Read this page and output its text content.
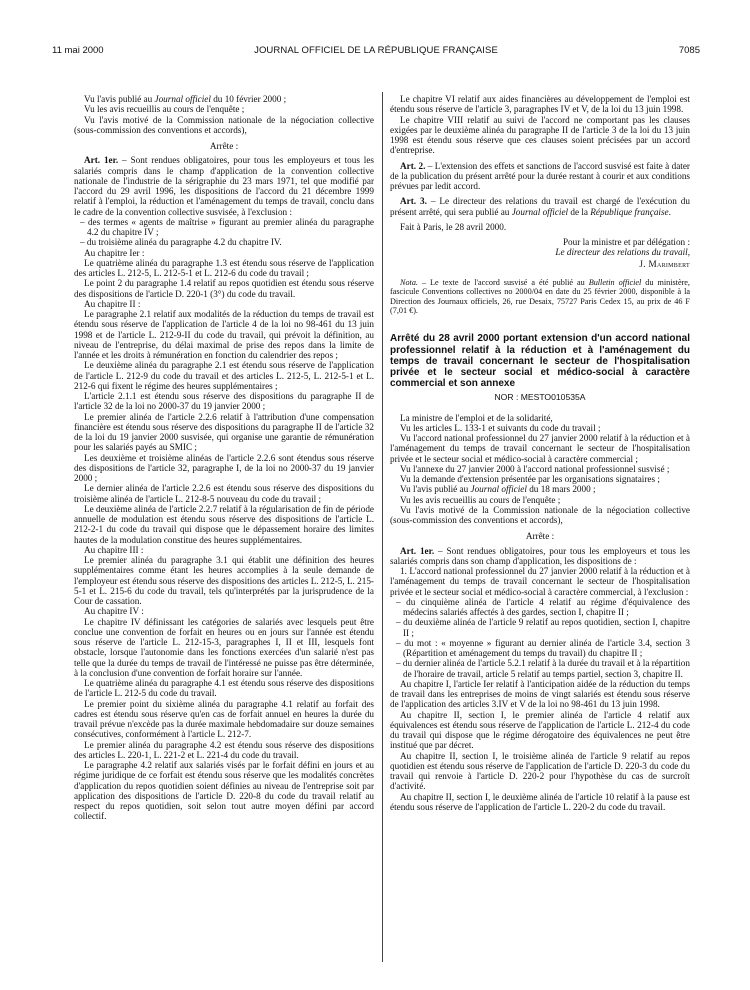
11 mai 2000	JOURNAL OFFICIEL DE LA RÉPUBLIQUE FRANÇAISE	7085

Vu l'avis publié au Journal officiel du 10 février 2000 ;

Vu les avis recueillis au cours de l'enquête ;

Vu l'avis motivé de la Commission nationale de la négociation collective (sous-commission des conventions et accords),

Arrête :

Art. 1er. – Sont rendues obligatoires, pour tous les employeurs et tous les salariés compris dans le champ d'application de la convention collective nationale de l'industrie de la sérigraphie du 23 mars 1971, tel que modifié par l'accord du 29 avril 1996, les dispositions de l'accord du 21 décembre 1999 relatif à l'emploi, la réduction et l'aménagement du temps de travail, conclu dans le cadre de la convention collective susvisée, à l'exclusion :

– des termes « agents de maîtrise » figurant au premier alinéa du paragraphe 4.2 du chapitre IV ;
– du troisième alinéa du paragraphe 4.2 du chapitre IV.

Au chapitre Ier :

Le quatrième alinéa du paragraphe 1.3 est étendu sous réserve de l'application des articles L. 212-5, L. 212-5-1 et L. 212-6 du code du travail ;

Le point 2 du paragraphe 1.4 relatif au repos quotidien est étendu sous réserve des dispositions de l'article D. 220-1 (3°) du code du travail.

Au chapitre II :

Le paragraphe 2.1 relatif aux modalités de la réduction du temps de travail est étendu sous réserve de l'application de l'article 4 de la loi no 98-461 du 13 juin 1998 et de l'article L. 212-9-II du code du travail, qui prévoit la définition, au niveau de l'entreprise, du délai maximal de prise des repos dans la limite de l'année et les droits à rémunération en fonction du calendrier des repos ;

Le deuxième alinéa du paragraphe 2.1 est étendu sous réserve de l'application de l'article L. 212-9 du code du travail et des articles L. 212-5, L. 212-5-1 et L. 212-6 qui fixent le régime des heures supplémentaires ;

L'article 2.1.1 est étendu sous réserve des dispositions du paragraphe II de l'article 32 de la loi no 2000-37 du 19 janvier 2000 ;

Le premier alinéa de l'article 2.2.6 relatif à l'attribution d'une compensation financière est étendu sous réserve des dispositions du paragraphe II de l'article 32 de la loi du 19 janvier 2000 susvisée, qui organise une garantie de rémunération pour les salariés payés au SMIC ;

Les deuxième et troisième alinéas de l'article 2.2.6 sont étendus sous réserve des dispositions de l'article 32, paragraphe I, de la loi no 2000-37 du 19 janvier 2000 ;

Le dernier alinéa de l'article 2.2.6 est étendu sous réserve des dispositions du troisième alinéa de l'article L. 212-8-5 nouveau du code du travail ;

Le deuxième alinéa de l'article 2.2.7 relatif à la régularisation de fin de période annuelle de modulation est étendu sous réserve des dispositions de l'article L. 212-2-1 du code du travail qui dispose que le dépassement horaire des limites hautes de la modulation constitue des heures supplémentaires.

Au chapitre III :

Le premier alinéa du paragraphe 3.1 qui établit une définition des heures supplémentaires comme étant les heures accomplies à la seule demande de l'employeur est étendu sous réserve des dispositions des articles L. 212-5, L. 215-5-1 et L. 215-6 du code du travail, tels qu'interprétés par la jurisprudence de la Cour de cassation.

Au chapitre IV :

Le chapitre IV définissant les catégories de salariés avec lesquels peut être conclue une convention de forfait en heures ou en jours sur l'année est étendu sous réserve de l'article L. 212-15-3, paragraphes I, II et III, lesquels font obstacle, lorsque l'autonomie dans les fonctions exercées d'un salarié n'est pas telle que la durée du temps de travail de l'intéressé ne puisse pas être déterminée, à la conclusion d'une convention de forfait horaire sur l'année.

Le quatrième alinéa du paragraphe 4.1 est étendu sous réserve des dispositions de l'article L. 212-5 du code du travail.

Le premier point du sixième alinéa du paragraphe 4.1 relatif au forfait des cadres est étendu sous réserve qu'en cas de forfait annuel en heures la durée du travail prévue n'excède pas la durée maximale hebdomadaire sur douze semaines consécutives, conformément à l'article L. 212-7.

Le premier alinéa du paragraphe 4.2 est étendu sous réserve des dispositions des articles L. 220-1, L. 221-2 et L. 221-4 du code du travail.

Le paragraphe 4.2 relatif aux salariés visés par le forfait défini en jours et au régime juridique de ce forfait est étendu sous réserve que les modalités concrètes d'application du repos quotidien soient définies au niveau de l'entreprise soit par application des dispositions de l'article D. 220-8 du code du travail relatif au respect du repos quotidien, soit selon tout autre moyen défini par accord collectif.

Le chapitre VI relatif aux aides financières au développement de l'emploi est étendu sous réserve de l'article 3, paragraphes IV et V, de la loi du 13 juin 1998.

Le chapitre VIII relatif au suivi de l'accord ne comportant pas les clauses exigées par le deuxième alinéa du paragraphe II de l'article 3 de la loi du 13 juin 1998 est étendu sous réserve que ces clauses soient précisées par un accord d'entreprise.

Art. 2. – L'extension des effets et sanctions de l'accord susvisé est faite à dater de la publication du présent arrêté pour la durée restant à courir et aux conditions prévues par ledit accord.

Art. 3. – Le directeur des relations du travail est chargé de l'exécution du présent arrêté, qui sera publié au Journal officiel de la République française.

Fait à Paris, le 28 avril 2000.

Pour la ministre et par délégation :

Le directeur des relations du travail,

J. Marimbert

Nota. – Le texte de l'accord susvisé a été publié au Bulletin officiel du ministère, fascicule Conventions collectives no 2000/04 en date du 25 février 2000, disponible à la Direction des Journaux officiels, 26, rue Desaix, 75727 Paris Cedex 15, au prix de 46 F (7,01 €).

Arrêté du 28 avril 2000 portant extension d'un accord national professionnel relatif à la réduction et à l'aménagement du temps de travail concernant le secteur de l'hospitalisation privée et le secteur social et médico-social à caractère commercial et son annexe

NOR : MESTO010535A

La ministre de l'emploi et de la solidarité,

Vu les articles L. 133-1 et suivants du code du travail ;

Vu l'accord national professionnel du 27 janvier 2000 relatif à la réduction et à l'aménagement du temps de travail concernant le secteur de l'hospitalisation privée et le secteur social et médico-social à caractère commercial ;

Vu l'annexe du 27 janvier 2000 à l'accord national professionnel susvisé ;

Vu la demande d'extension présentée par les organisations signataires ;

Vu l'avis publié au Journal officiel du 18 mars 2000 ;

Vu les avis recueillis au cours de l'enquête ;

Vu l'avis motivé de la Commission nationale de la négociation collective (sous-commission des conventions et accords),

Arrête :

Art. 1er. – Sont rendues obligatoires, pour tous les employeurs et tous les salariés compris dans son champ d'application, les dispositions de :

1. L'accord national professionnel du 27 janvier 2000 relatif à la réduction et à l'aménagement du temps de travail concernant le secteur de l'hospitalisation privée et le secteur social et médico-social à caractère commercial, à l'exclusion :

– du cinquième alinéa de l'article 4 relatif au régime d'équivalence des médecins salariés affectés à des gardes, section I, chapitre II ;
– du deuxième alinéa de l'article 9 relatif au repos quotidien, section I, chapitre II ;
– du mot : « moyenne » figurant au dernier alinéa de l'article 3.4, section 3 (Répartition et aménagement du temps du travail) du chapitre II ;
– du dernier alinéa de l'article 5.2.1 relatif à la durée du travail et à la répartition de l'horaire de travail, article 5 relatif au temps partiel, section 3, chapitre II.

Au chapitre I, l'article Ier relatif à l'anticipation aidée de la réduction du temps de travail dans les entreprises de moins de vingt salariés est étendu sous réserve de l'application des articles 3.IV et V de la loi no 98-461 du 13 juin 1998.

Au chapitre II, section I, le premier alinéa de l'article 4 relatif aux équivalences est étendu sous réserve de l'application de l'article L. 212-4 du code du travail qui dispose que le régime dérogatoire des équivalences ne peut être institué que par décret.

Au chapitre II, section I, le troisième alinéa de l'article 9 relatif au repos quotidien est étendu sous réserve de l'application de l'article D. 220-3 du code du travail qui renvoie à l'article D. 220-2 pour l'hypothèse du cas de surcroît d'activité.

Au chapitre II, section I, le deuxième alinéa de l'article 10 relatif à la pause est étendu sous réserve de l'application de l'article L. 220-2 du code du travail.
